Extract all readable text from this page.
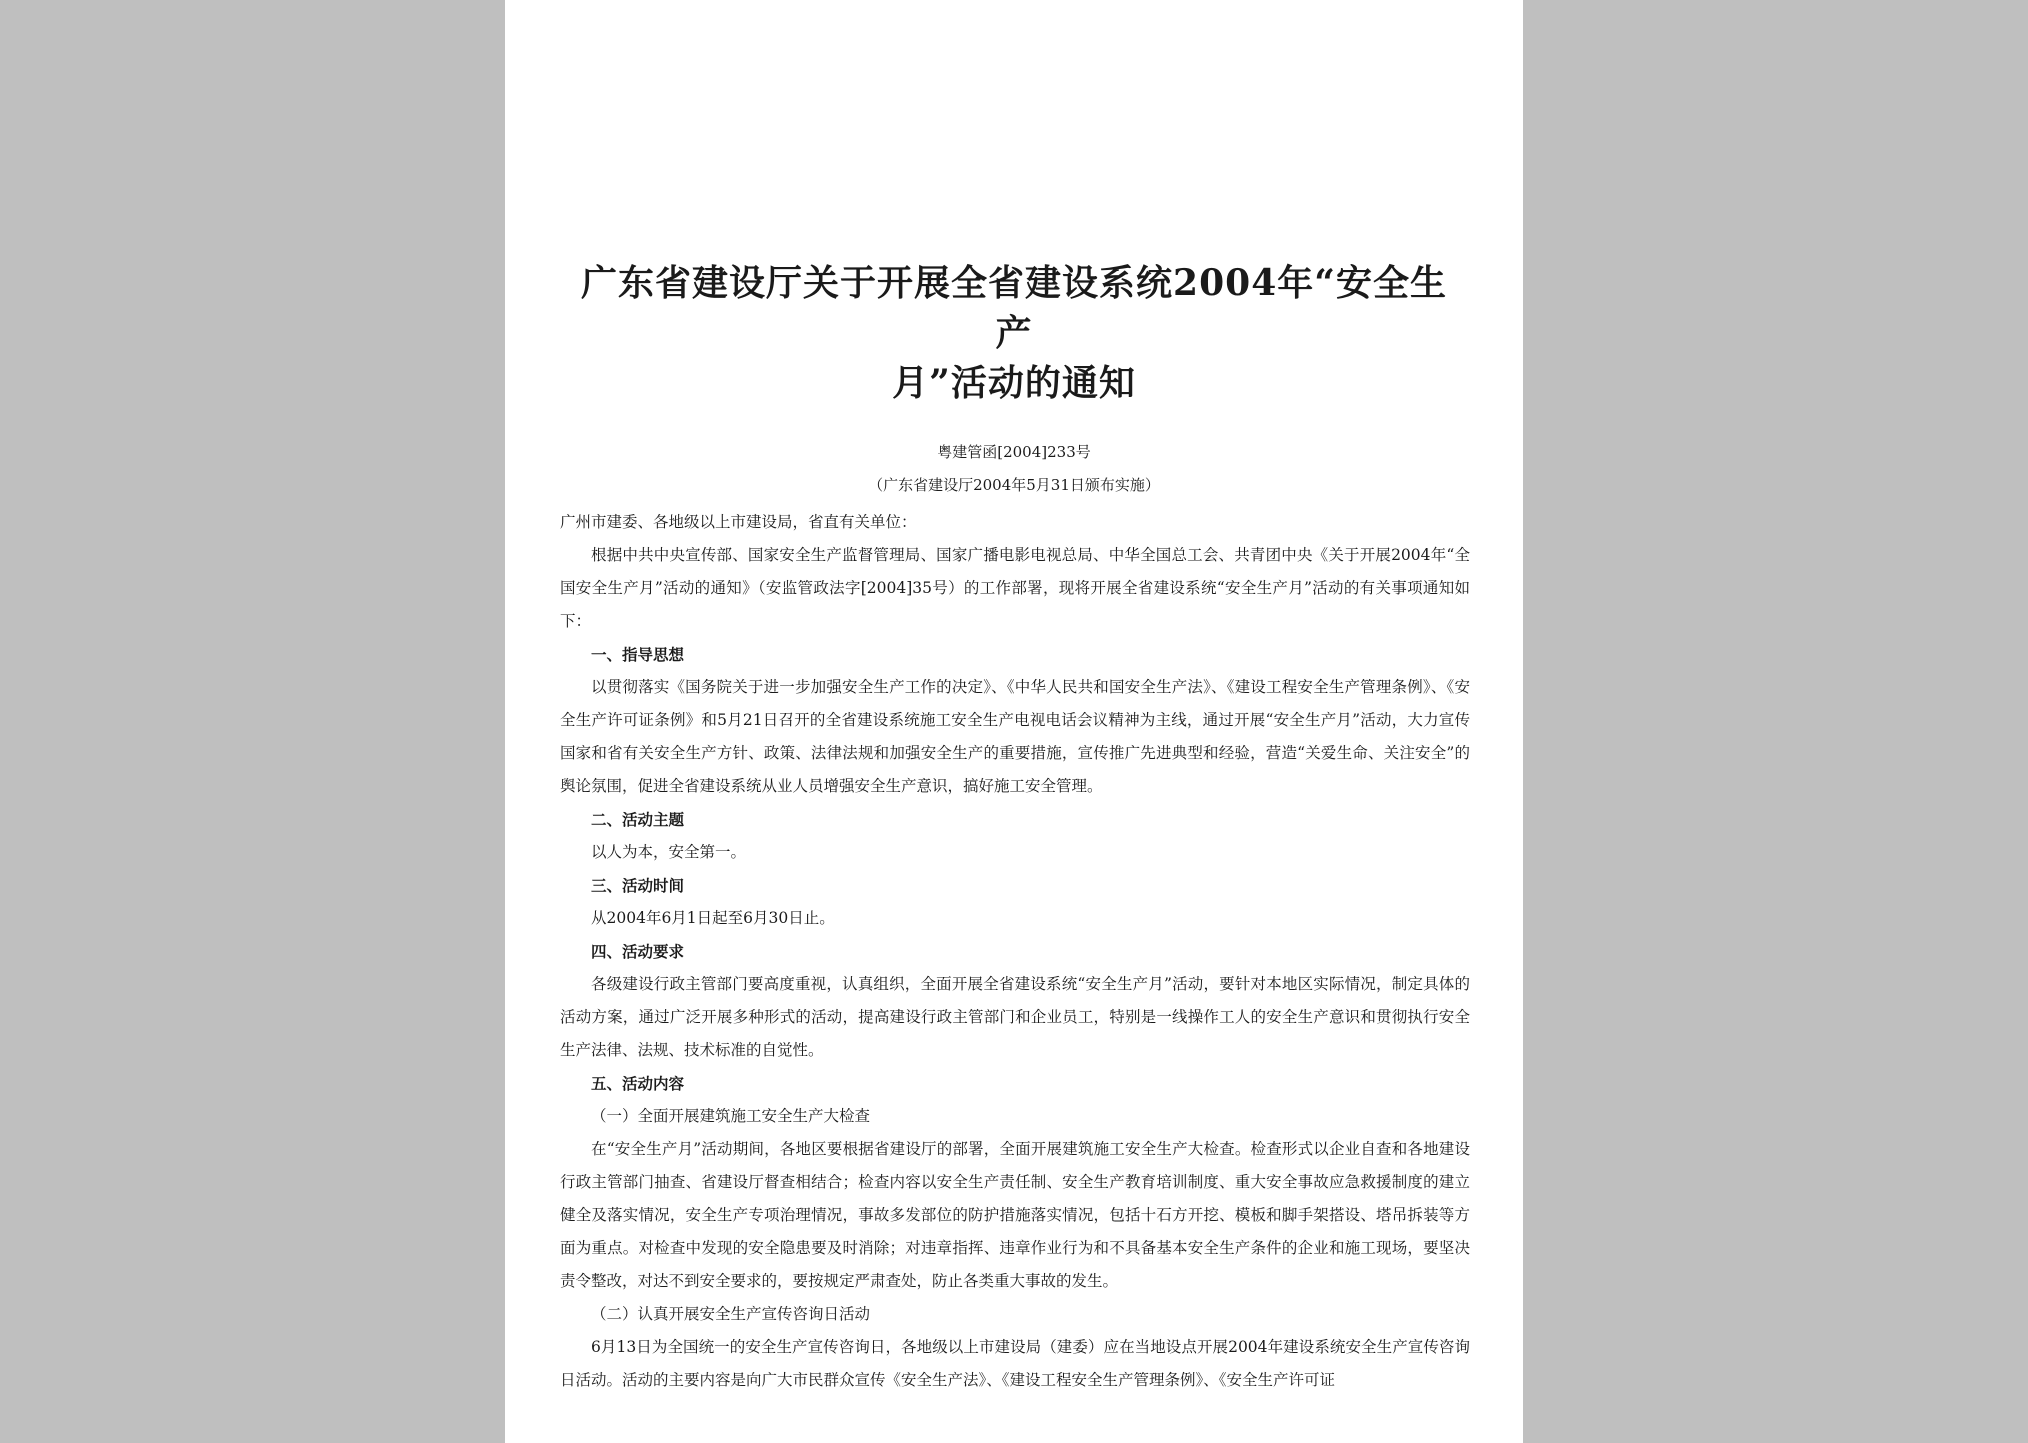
广东省建设厅关于开展全省建设系统2004年“安全生产
月”活动的通知
粤建管函[2004]233号
（广东省建设厅2004年5月31日颁布实施）

广州市建委、各地级以上市建设局，省直有关单位：

根据中共中央宣传部、国家安全生产监督管理局、国家广播电影电视总局、中华全国总工会、共青团中央《关于开展2004年“全国安全生产月”活动的通知》（安监管政法字[2004]35号）的工作部署，现将开展全省建设系统“安全生产月”活动的有关事项通知如下：

一、指导思想

以贯彻落实《国务院关于进一步加强安全生产工作的决定》、《中华人民共和国安全生产法》、《建设工程安全生产管理条例》、《安全生产许可证条例》和5月21日召开的全省建设系统施工安全生产电视电话会议精神为主线，通过开展“安全生产月”活动，大力宣传国家和省有关安全生产方针、政策、法律法规和加强安全生产的重要措施，宣传推广先进典型和经验，营造“关爱生命、关注安全”的舆论氛围，促进全省建设系统从业人员增强安全生产意识，搞好施工安全管理。

二、活动主题

以人为本，安全第一。

三、活动时间

从2004年6月1日起至6月30日止。

四、活动要求

各级建设行政主管部门要高度重视，认真组织，全面开展全省建设系统“安全生产月”活动，要针对本地区实际情况，制定具体的活动方案，通过广泛开展多种形式的活动，提高建设行政主管部门和企业员工，特别是一线操作工人的安全生产意识和贯彻执行安全生产法律、法规、技术标准的自觉性。

五、活动内容

（一）全面开展建筑施工安全生产大检查

在“安全生产月”活动期间，各地区要根据省建设厅的部署，全面开展建筑施工安全生产大检查。检查形式以企业自查和各地建设行政主管部门抽查、省建设厅督查相结合；检查内容以安全生产责任制、安全生产教育培训制度、重大安全事故应急救援制度的建立健全及落实情况，安全生产专项治理情况，事故多发部位的防护措施落实情况，包括十石方开挖、模板和脚手架搭设、塔吊拆装等方面为重点。对检查中发现的安全隐患要及时消除；对违章指挥、违章作业行为和不具备基本安全生产条件的企业和施工现场，要坚决责令整改，对达不到安全要求的，要按规定严肃查处，防止各类重大事故的发生。

（二）认真开展安全生产宣传咨询日活动

6月13日为全国统一的安全生产宣传咨询日，各地级以上市建设局（建委）应在当地设点开展2004年建设系统安全生产宣传咨询日活动。活动的主要内容是向广大市民群众宣传《安全生产法》、《建设工程安全生产管理条例》、《安全生产许可证
